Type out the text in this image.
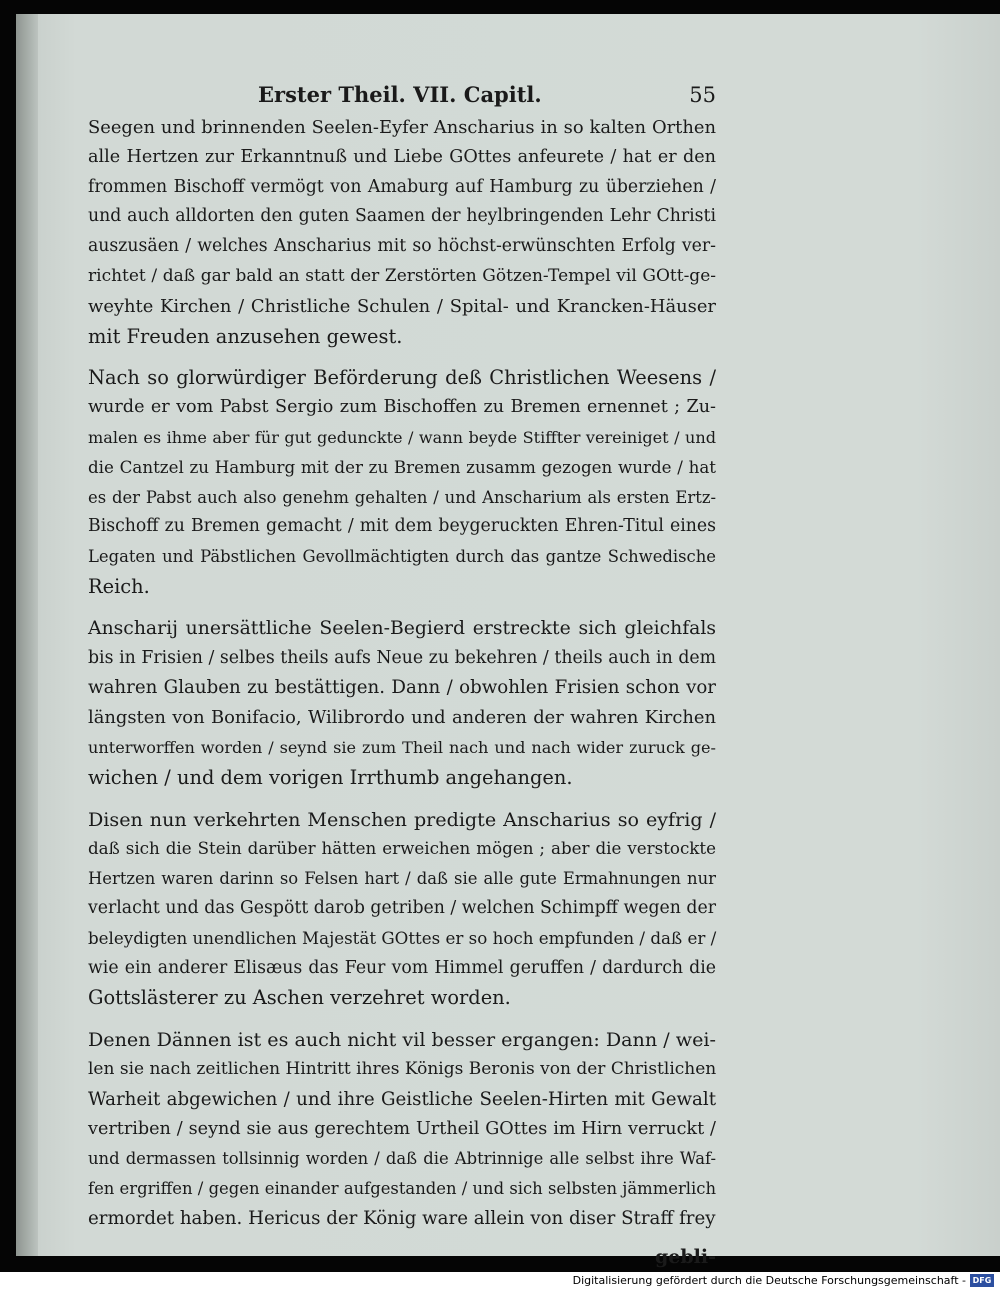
Erster Theil. VII. Capitl.	55
Seegen und brinnenden Seelen-Eyfer Anscharius in so kalten Orthen
alle Hertzen zur Erkanntnuß und Liebe GOttes anfeurete / hat er den
frommen Bischoff vermögt von Amaburg auf Hamburg zu überziehen /
und auch alldorten den guten Saamen der heylbringenden Lehr Christi
auszusäen / welches Anscharius mit so höchst-erwünschten Erfolg ver-
richtet / daß gar bald an statt der Zerstörten Götzen-Tempel vil GOtt-ge-
weyhte Kirchen / Christliche Schulen / Spital- und Krancken-Häuser
mit Freuden anzusehen gewest.
Nach so glorwürdiger Beförderung deß Christlichen Weesens /
wurde er vom Pabst Sergio zum Bischoffen zu Bremen ernennet ; Zu-
malen es ihme aber für gut gedunckte / wann beyde Stiffter vereiniget / und
die Cantzel zu Hamburg mit der zu Bremen zusamm gezogen wurde / hat
es der Pabst auch also genehm gehalten / und Anscharium als ersten Ertz-
Bischoff zu Bremen gemacht / mit dem beygeruckten Ehren-Titul eines
Legaten und Päbstlichen Gevollmächtigten durch das gantze Schwedische
Reich.
Anscharij unersättliche Seelen-Begierd erstreckte sich gleichfals
bis in Frisien / selbes theils aufs Neue zu bekehren / theils auch in dem
wahren Glauben zu bestättigen. Dann / obwohlen Frisien schon vor
längsten von Bonifacio, Wilibrordo und anderen der wahren Kirchen
unterworffen worden / seynd sie zum Theil nach und nach wider zuruck ge-
wichen / und dem vorigen Irrthumb angehangen.
Disen nun verkehrten Menschen predigte Anscharius so eyfrig /
daß sich die Stein darüber hätten erweichen mögen ; aber die verstockte
Hertzen waren darinn so Felsen hart / daß sie alle gute Ermahnungen nur
verlacht und das Gespött darob getriben / welchen Schimpff wegen der
beleydigten unendlichen Majestät GOttes er so hoch empfunden / daß er /
wie ein anderer Elisæus das Feur vom Himmel geruffen / dardurch die
Gottslästerer zu Aschen verzehret worden.
Denen Dännen ist es auch nicht vil besser ergangen: Dann / wei-
len sie nach zeitlichen Hintritt ihres Königs Beronis von der Christlichen
Warheit abgewichen / und ihre Geistliche Seelen-Hirten mit Gewalt
vertriben / seynd sie aus gerechtem Urtheil GOttes im Hirn verruckt /
und dermassen tollsinnig worden / daß die Abtrinnige alle selbst ihre Waf-
fen ergriffen / gegen einander aufgestanden / und sich selbsten jämmerlich
ermordet haben. Hericus der König ware allein von diser Straff frey
gebli-
Digitalisierung gefördert durch die Deutsche Forschungsgemeinschaft - DFG
